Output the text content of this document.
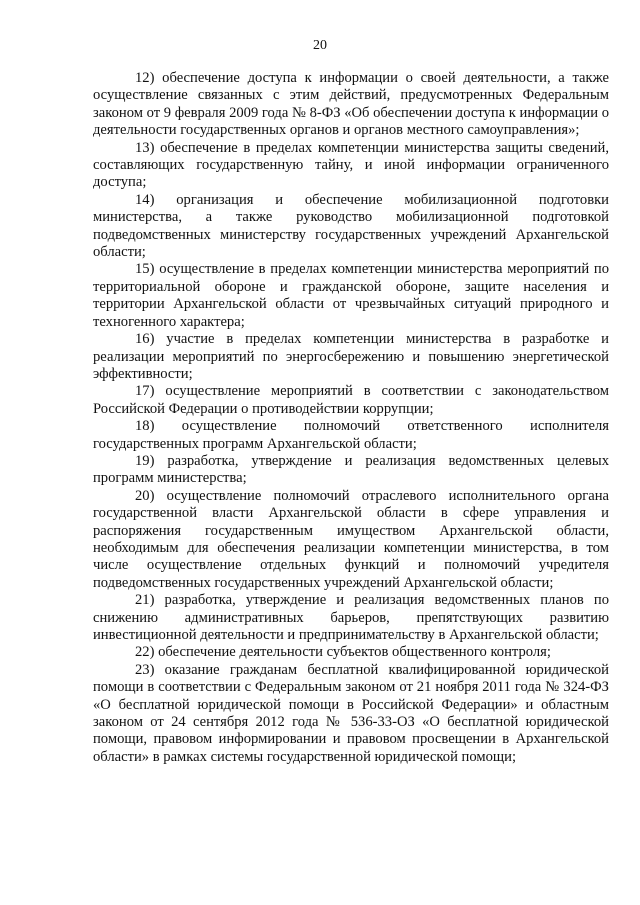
20

12) обеспечение доступа к информации о своей деятельности, а также осуществление связанных с этим действий, предусмотренных Федеральным законом от 9 февраля 2009 года № 8-ФЗ «Об обеспечении доступа к информации о деятельности государственных органов и органов местного самоуправления»;

13) обеспечение в пределах компетенции министерства защиты сведений, составляющих государственную тайну, и иной информации ограниченного доступа;

14) организация и обеспечение мобилизационной подготовки министерства, а также руководство мобилизационной подготовкой подведомственных министерству государственных учреждений Архангельской области;

15) осуществление в пределах компетенции министерства мероприятий по территориальной обороне и гражданской обороне, защите населения и территории Архангельской области от чрезвычайных ситуаций природного и техногенного характера;

16) участие в пределах компетенции министерства в разработке и реализации мероприятий по энергосбережению и повышению энергетической эффективности;

17) осуществление мероприятий в соответствии с законодательством Российской Федерации о противодействии коррупции;

18) осуществление полномочий ответственного исполнителя государственных программ Архангельской области;

19) разработка, утверждение и реализация ведомственных целевых программ министерства;

20) осуществление полномочий отраслевого исполнительного органа государственной власти Архангельской области в сфере управления и распоряжения государственным имуществом Архангельской области, необходимым для обеспечения реализации компетенции министерства, в том числе осуществление отдельных функций и полномочий учредителя подведомственных государственных учреждений Архангельской области;

21) разработка, утверждение и реализация ведомственных планов по снижению административных барьеров, препятствующих развитию инвестиционной деятельности и предпринимательству в Архангельской области;

22) обеспечение деятельности субъектов общественного контроля;

23) оказание гражданам бесплатной квалифицированной юридической помощи в соответствии с Федеральным законом от 21 ноября 2011 года № 324-ФЗ «О бесплатной юридической помощи в Российской Федерации» и областным законом от 24 сентября 2012 года № 536-33-ОЗ «О бесплатной юридической помощи, правовом информировании и правовом просвещении в Архангельской области» в рамках системы государственной юридической помощи;
